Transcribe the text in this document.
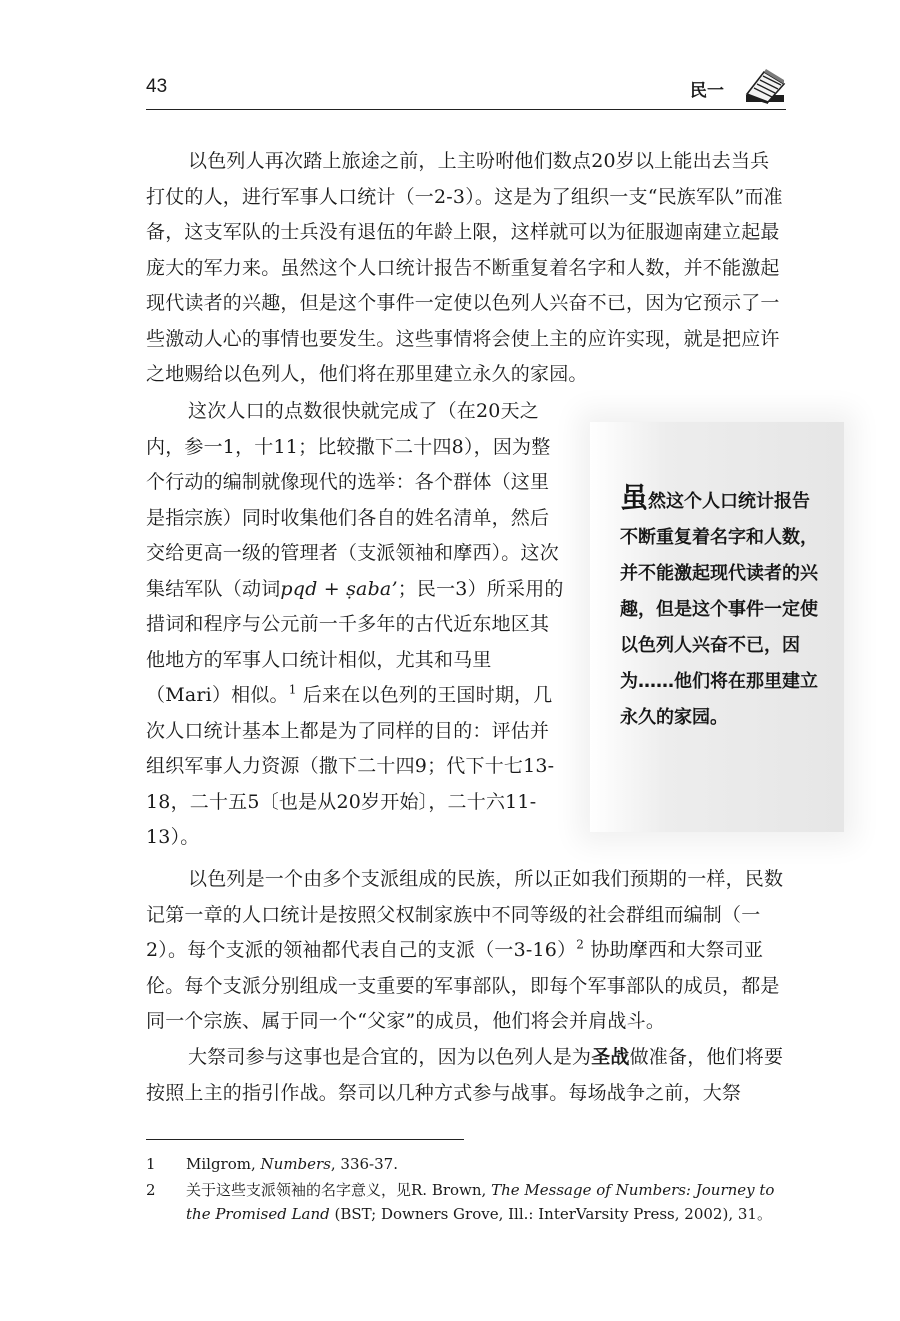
43	民一

以色列人再次踏上旅途之前，上主吩咐他们数点20岁以上能出去当兵打仗的人，进行军事人口统计（一2-3）。这是为了组织一支“民族军队”而准备，这支军队的士兵没有退伍的年龄上限，这样就可以为征服迦南建立起最庞大的军力来。虽然这个人口统计报告不断重复着名字和人数，并不能激起现代读者的兴趣，但是这个事件一定使以色列人兴奋不已，因为它预示了一些激动人心的事情也要发生。这些事情将会使上主的应许实现，就是把应许之地赐给以色列人，他们将在那里建立永久的家园。

这次人口的点数很快就完成了（在20天之内，参一1，十11；比较撒下二十四8），因为整个行动的编制就像现代的选举：各个群体（这里是指宗族）同时收集他们各自的姓名清单，然后交给更高一级的管理者（支派领袖和摩西）。这次集结军队（动词pqd + ṣaba’；民一3）所采用的措词和程序与公元前一千多年的古代近东地区其他地方的军事人口统计相似，尤其和马里（Mari）相似。$^1$ 后来在以色列的王国时期，几次人口统计基本上都是为了同样的目的：评估并组织军事人力资源（撒下二十四9；代下十七13-18，二十五5〔也是从20岁开始〕，二十六11-13）。

虽然这个人口统计报告不断重复着名字和人数，并不能激起现代读者的兴趣，但是这个事件一定使以色列人兴奋不已，因为……他们将在那里建立永久的家园。

以色列是一个由多个支派组成的民族，所以正如我们预期的一样，民数记第一章的人口统计是按照父权制家族中不同等级的社会群组而编制（一2）。每个支派的领袖都代表自己的支派（一3-16）$^2$ 协助摩西和大祭司亚伦。每个支派分别组成一支重要的军事部队，即每个军事部队的成员，都是同一个宗族、属于同一个“父家”的成员，他们将会并肩战斗。

大祭司参与这事也是合宜的，因为以色列人是为圣战做准备，他们将要按照上主的指引作战。祭司以几种方式参与战事。每场战争之前，大祭

1 Milgrom, Numbers, 336-37.

2 关于这些支派领袖的名字意义，见R. Brown, The Message of Numbers: Journey to the Promised Land (BST; Downers Grove, Ill.: InterVarsity Press, 2002), 31。
